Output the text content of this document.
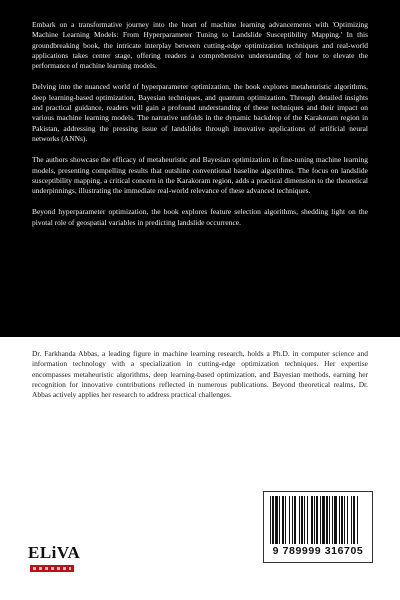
Embark on a transformative journey into the heart of machine learning advancements with 'Optimizing Machine Learning Models: From Hyperparameter Tuning to Landslide Susceptibility Mapping.' In this groundbreaking book, the intricate interplay between cutting-edge optimization techniques and real-world applications takes center stage, offering readers a comprehensive understanding of how to elevate the performance of machine learning models.

Delving into the nuanced world of hyperparameter optimization, the book explores metaheuristic algorithms, deep learning-based optimization, Bayesian techniques, and quantum optimization. Through detailed insights and practical guidance, readers will gain a profound understanding of these techniques and their impact on various machine learning models. The narrative unfolds in the dynamic backdrop of the Karakoram region in Pakistan, addressing the pressing issue of landslides through innovative applications of artificial neural networks (ANNs).

The authors showcase the efficacy of metaheuristic and Bayesian optimization in fine-tuning machine learning models, presenting compelling results that outshine conventional baseline algorithms. The focus on landslide susceptibility mapping, a critical concern in the Karakoram region, adds a practical dimension to the theoretical underpinnings, illustrating the immediate real-world relevance of these advanced techniques.

Beyond hyperparameter optimization, the book explores feature selection algorithms, shedding light on the pivotal role of geospatial variables in predicting landslide occurrence.

Dr. Farkhanda Abbas, a leading figure in machine learning research, holds a Ph.D. in computer science and information technology with a specialization in cutting-edge optimization techniques. Her expertise encompasses metaheuristic algorithms, deep learning-based optimization, and Bayesian methods, earning her recognition for innovative contributions reflected in numerous publications. Beyond theoretical realms, Dr. Abbas actively applies her research to address practical challenges.

ELiVA	9 789999 316705
